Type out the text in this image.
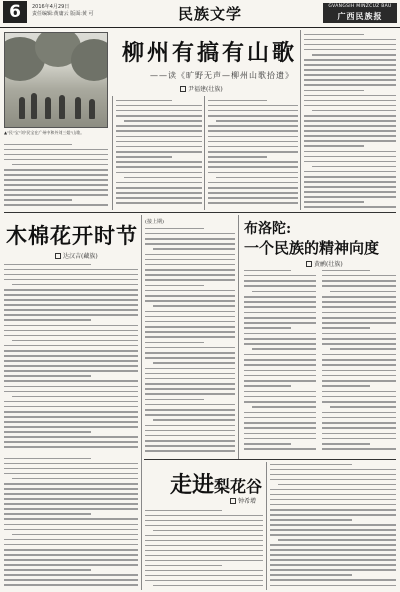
6	2016年4月29日
责任编辑:黄庸云 版面:黄 可	民族文学	GVANGSIH MINZCUZ BAU
广西民族报
▲"民"宝"刘"民宝在广州中和外刘三姐"山歌。
柳州有搞有山歌
——读《旷野无声—柳州山歌拾遗》
尹福建(壮族)
木棉花开时节
达汉吉(藏族)
(接上期)	布洛陀:
一个民族的精神向度
黄鹂(壮族)
走进梨花谷
钟希增
